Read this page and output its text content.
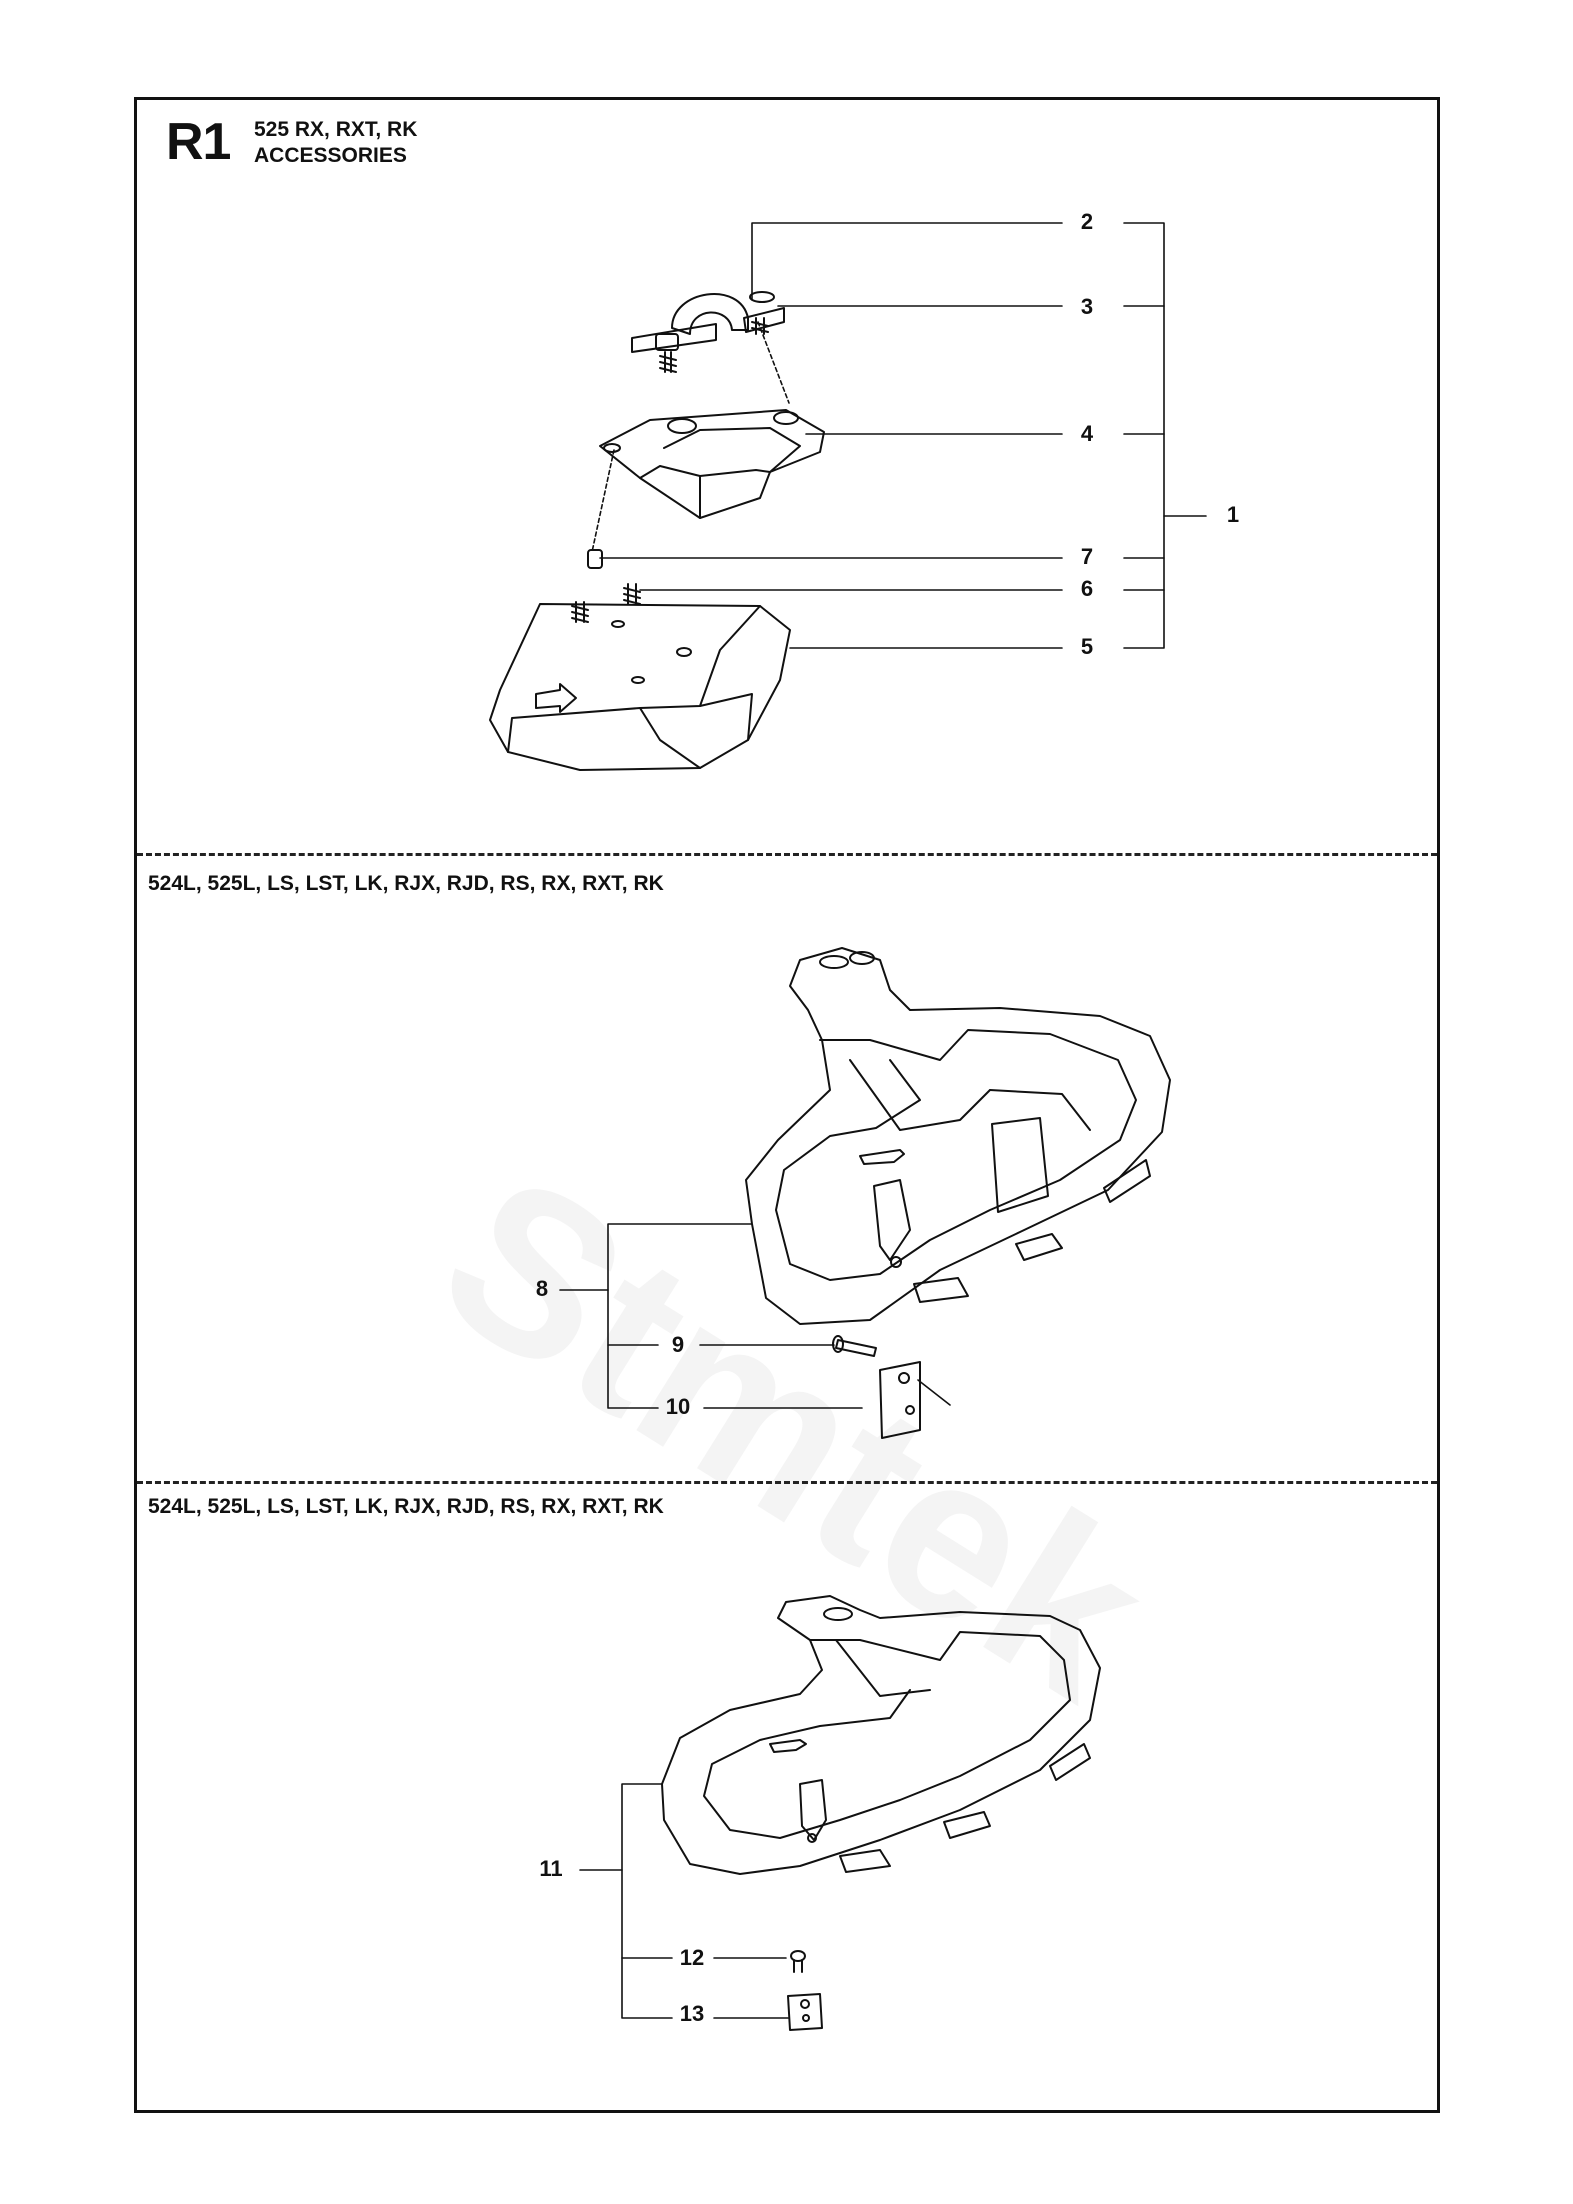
R1 525 RX, RXT, RK
ACCESSORIES
524L, 525L, LS, LST, LK, RJX, RJD, RS, RX, RXT, RK
524L, 525L, LS, LST, LK, RJX, RJD, RS, RX, RXT, RK
2
3
4
1
7
6
5
8
9
10
11
12
13
